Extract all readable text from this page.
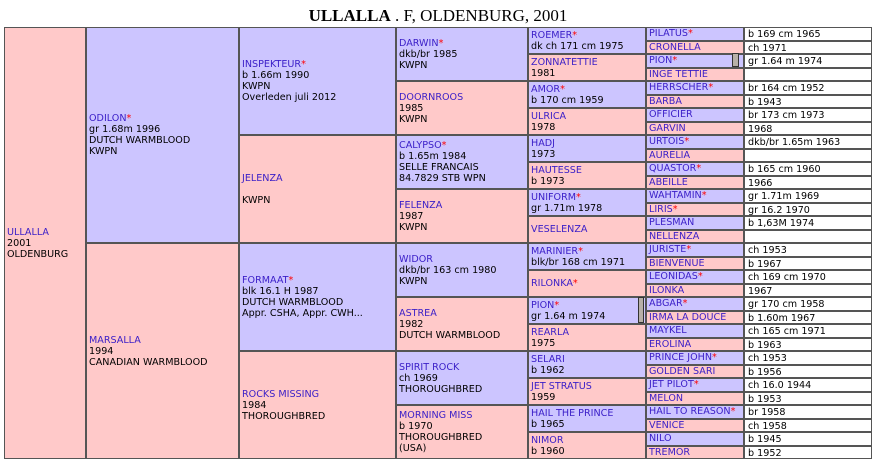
ULLALLA . F, OLDENBURG, 2001
ULLALLA
2001
OLDENBURG
ODILON*
gr 1.68m 1996
DUTCH WARMBLOOD
KWPN
MARSALLA
1994
CANADIAN WARMBLOOD
INSPEKTEUR*
b 1.66m 1990
KWPN
Overleden juli 2012
JELENZA

KWPN
FORMAAT*
blk 16.1 H 1987
DUTCH WARMBLOOD
Appr. CSHA, Appr. CWH...
ROCKS MISSING
1984
THOROUGHBRED
DARWIN*
dkb/br 1985
KWPN
DOORNROOS
1985
KWPN
CALYPSO*
b 1.65m 1984
SELLE FRANCAIS
84.7829 STB WPN
FELENZA
1987
KWPN
WIDOR
dkb/br 163 cm 1980
KWPN
ASTREA
1982
DUTCH WARMBLOOD
SPIRIT ROCK
ch 1969
THOROUGHBRED
MORNING MISS
b 1970
THOROUGHBRED
(USA)
ROEMER*
dk ch 171 cm 1975
ZONNATETTIE
1981
AMOR*
b 170 cm 1959
ULRICA
1978
HADJ
1973
HAUTESSE
b 1973
UNIFORM*
gr 1.71m 1978
VESELENZA
MARINIER*
blk/br 168 cm 1971
RILONKA*
PION*
gr 1.64 m 1974
REARLA
1975
SELARI
b 1962
JET STRATUS
1959
HAIL THE PRINCE
b 1965
NIMOR
b 1960
PILATUS*	b 169 cm 1965
CRONELLA	ch 1971
PION*	gr 1.64 m 1974
INGE TETTIE
HERRSCHER*	br 164 cm 1952
BARBA	b 1943
OFFICIER	br 173 cm 1973
GARVIN	1968
URTOIS*	dkb/br 1.65m 1963
AURELIA
QUASTOR*	b 165 cm 1960
ABEILLE	1966
WAHTAMIN*	gr 1.71m 1969
LIRIS*	gr 16.2 1970
PLESMAN	b 1,63M 1974
NELLENZA
JURISTE*	ch 1953
BIENVENUE	b 1967
LEONIDAS*	ch 169 cm 1970
ILONKA	1967
ABGAR*	gr 170 cm 1958
IRMA LA DOUCE	b 1.60m 1967
MAYKEL	ch 165 cm 1971
EROLINA	b 1963
PRINCE JOHN*	ch 1953
GOLDEN SARI	b 1956
JET PILOT*	ch 16.0 1944
MELON	b 1953
HAIL TO REASON*	br 1958
VENICE	ch 1958
NILO	b 1945
TREMOR	b 1952
